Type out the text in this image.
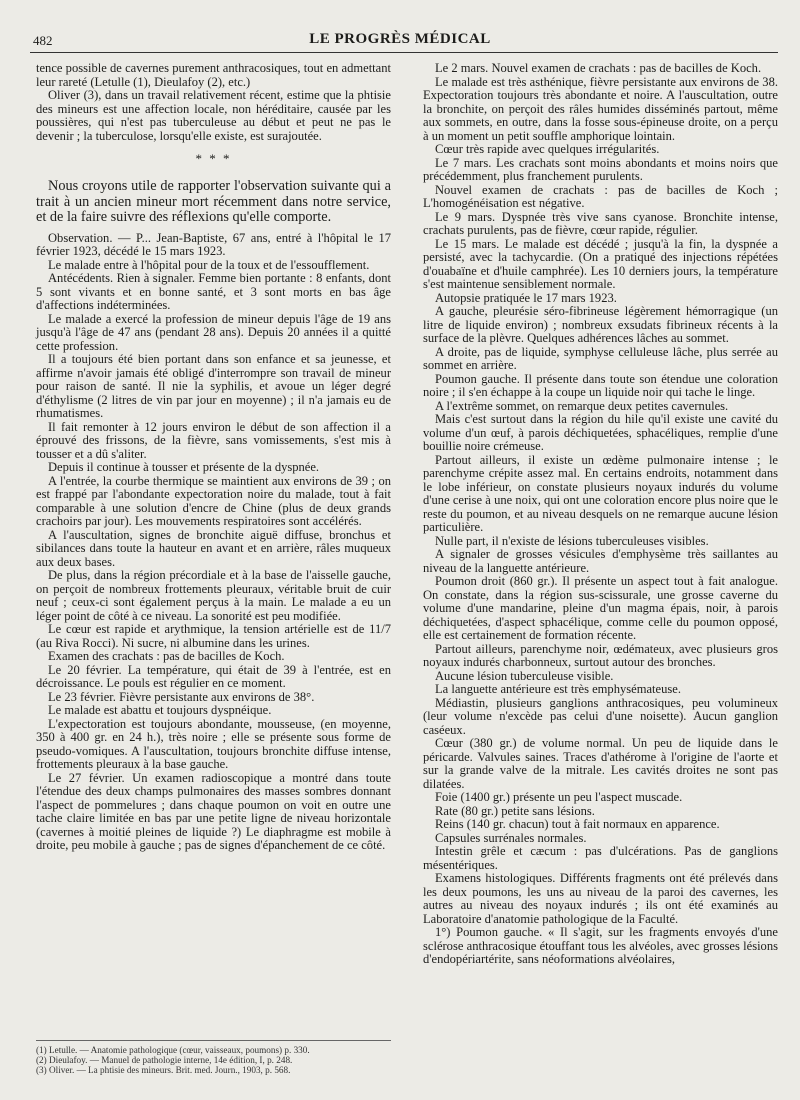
482	LE PROGRÈS MÉDICAL

tence possible de cavernes purement anthracosiques, tout en admettant leur rareté (Letulle (1), Dieulafoy (2), etc.)

Oliver (3), dans un travail relativement récent, estime que la phtisie des mineurs est une affection locale, non héréditaire, causée par les poussières, qui n'est pas tuberculeuse au début et peut ne pas le devenir ; la tuberculose, lorsqu'elle existe, est surajoutée.

* * *

Nous croyons utile de rapporter l'observation suivante qui a trait à un ancien mineur mort récemment dans notre service, et de la faire suivre des réflexions qu'elle comporte.

Observation. — P... Jean-Baptiste, 67 ans, entré à l'hôpital le 17 février 1923, décédé le 15 mars 1923.

Le malade entre à l'hôpital pour de la toux et de l'essoufflement.

Antécédents. Rien à signaler. Femme bien portante : 8 enfants, dont 5 sont vivants et en bonne santé, et 3 sont morts en bas âge d'affections indéterminées.

Le malade a exercé la profession de mineur depuis l'âge de 19 ans jusqu'à l'âge de 47 ans (pendant 28 ans). Depuis 20 années il a quitté cette profession.

Il a toujours été bien portant dans son enfance et sa jeunesse, et affirme n'avoir jamais été obligé d'interrompre son travail de mineur pour raison de santé. Il nie la syphilis, et avoue un léger degré d'éthylisme (2 litres de vin par jour en moyenne) ; il n'a jamais eu de rhumatismes.

Il fait remonter à 12 jours environ le début de son affection il a éprouvé des frissons, de la fièvre, sans vomissements, s'est mis à tousser et a dû s'aliter.

Depuis il continue à tousser et présente de la dyspnée.

A l'entrée, la courbe thermique se maintient aux environs de 39 ; on est frappé par l'abondante expectoration noire du malade, tout à fait comparable à une solution d'encre de Chine (plus de deux grands crachoirs par jour). Les mouvements respiratoires sont accélérés.

A l'auscultation, signes de bronchite aiguë diffuse, bronchus et sibilances dans toute la hauteur en avant et en arrière, râles muqueux aux deux bases.

De plus, dans la région précordiale et à la base de l'aisselle gauche, on perçoit de nombreux frottements pleuraux, véritable bruit de cuir neuf ; ceux-ci sont également perçus à la main. Le malade a eu un léger point de côté à ce niveau. La sonorité est peu modifiée.

Le cœur est rapide et arythmique, la tension artérielle est de 11/7 (au Riva Rocci). Ni sucre, ni albumine dans les urines.

Examen des crachats : pas de bacilles de Koch.

Le 20 février. La température, qui était de 39 à l'entrée, est en décroissance. Le pouls est régulier en ce moment.

Le 23 février. Fièvre persistante aux environs de 38°.

Le malade est abattu et toujours dyspnéique.

L'expectoration est toujours abondante, mousseuse, (en moyenne, 350 à 400 gr. en 24 h.), très noire ; elle se présente sous forme de pseudo-vomiques. A l'auscultation, toujours bronchite diffuse intense, frottements pleuraux à la base gauche.

Le 27 février. Un examen radioscopique a montré dans toute l'étendue des deux champs pulmonaires des masses sombres donnant l'aspect de pommelures ; dans chaque poumon on voit en outre une tache claire limitée en bas par une petite ligne de niveau horizontale (cavernes à moitié pleines de liquide ?) Le diaphragme est mobile à droite, peu mobile à gauche ; pas de signes d'épanchement de ce côté.

(1) Letulle. — Anatomie pathologique (cœur, vaisseaux, poumons) p. 330.

(2) Dieulafoy. — Manuel de pathologie interne, 14e édition, I, p. 248.

(3) Oliver. — La phtisie des mineurs. Brit. med. Journ., 1903, p. 568.

Le 2 mars. Nouvel examen de crachats : pas de bacilles de Koch.

Le malade est très asthénique, fièvre persistante aux environs de 38. Expectoration toujours très abondante et noire. A l'auscultation, outre la bronchite, on perçoit des râles humides disséminés partout, même aux sommets, en outre, dans la fosse sous-épineuse droite, on a perçu à un moment un petit souffle amphorique lointain.

Cœur très rapide avec quelques irrégularités.

Le 7 mars. Les crachats sont moins abondants et moins noirs que précédemment, plus franchement purulents.

Nouvel examen de crachats : pas de bacilles de Koch ; L'homogénéisation est négative.

Le 9 mars. Dyspnée très vive sans cyanose. Bronchite intense, crachats purulents, pas de fièvre, cœur rapide, régulier.

Le 15 mars. Le malade est décédé ; jusqu'à la fin, la dyspnée a persisté, avec la tachycardie. (On a pratiqué des injections répétées d'ouabaïne et d'huile camphrée). Les 10 derniers jours, la température s'est maintenue sensiblement normale.

Autopsie pratiquée le 17 mars 1923.

A gauche, pleurésie séro-fibrineuse légèrement hémorragique (un litre de liquide environ) ; nombreux exsudats fibrineux récents à la surface de la plèvre. Quelques adhérences lâches au sommet.

A droite, pas de liquide, symphyse celluleuse lâche, plus serrée au sommet en arrière.

Poumon gauche. Il présente dans toute son étendue une coloration noire ; il s'en échappe à la coupe un liquide noir qui tache le linge.

A l'extrême sommet, on remarque deux petites cavernules.

Mais c'est surtout dans la région du hile qu'il existe une cavité du volume d'un œuf, à parois déchiquetées, sphacéliques, remplie d'une bouillie noire crémeuse.

Partout ailleurs, il existe un œdème pulmonaire intense ; le parenchyme crépite assez mal. En certains endroits, notamment dans le lobe inférieur, on constate plusieurs noyaux indurés du volume d'une cerise à une noix, qui ont une coloration encore plus noire que le reste du poumon, et au niveau desquels on ne remarque aucune lésion particulière.

Nulle part, il n'existe de lésions tuberculeuses visibles.

A signaler de grosses vésicules d'emphysème très saillantes au niveau de la languette antérieure.

Poumon droit (860 gr.). Il présente un aspect tout à fait analogue. On constate, dans la région sus-scissurale, une grosse caverne du volume d'une mandarine, pleine d'un magma épais, noir, à parois déchiquetées, d'aspect sphacélique, comme celle du poumon opposé, elle est certainement de formation récente.

Partout ailleurs, parenchyme noir, œdémateux, avec plusieurs gros noyaux indurés charbonneux, surtout autour des bronches.

Aucune lésion tuberculeuse visible.

La languette antérieure est très emphysémateuse.

Médiastin, plusieurs ganglions anthracosiques, peu volumineux (leur volume n'excède pas celui d'une noisette). Aucun ganglion caséeux.

Cœur (380 gr.) de volume normal. Un peu de liquide dans le péricarde. Valvules saines. Traces d'athérome à l'origine de l'aorte et sur la grande valve de la mitrale. Les cavités droites ne sont pas dilatées.

Foie (1400 gr.) présente un peu l'aspect muscade.

Rate (80 gr.) petite sans lésions.

Reins (140 gr. chacun) tout à fait normaux en apparence.

Capsules surrénales normales.

Intestin grêle et cæcum : pas d'ulcérations. Pas de ganglions mésentériques.

Examens histologiques. Différents fragments ont été prélevés dans les deux poumons, les uns au niveau de la paroi des cavernes, les autres au niveau des noyaux indurés ; ils ont été examinés au Laboratoire d'anatomie pathologique de la Faculté.

1°) Poumon gauche. « Il s'agit, sur les fragments envoyés d'une sclérose anthracosique étouffant tous les alvéoles, avec grosses lésions d'endopériartérite, sans néoformations alvéolaires,
